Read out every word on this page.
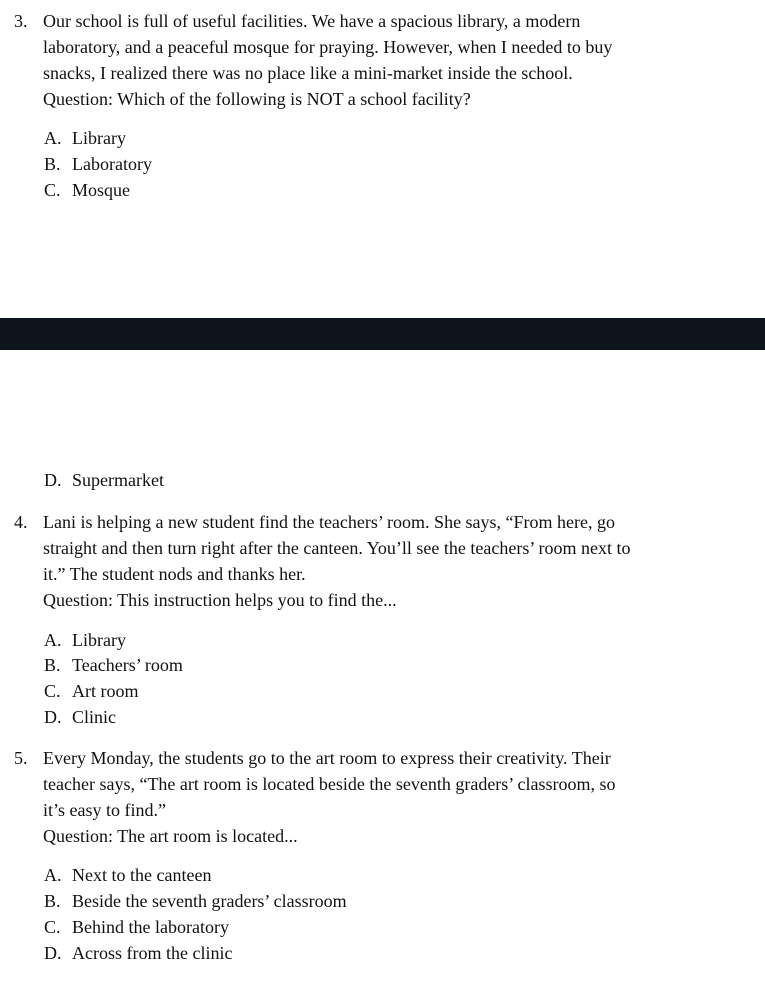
3. Our school is full of useful facilities. We have a spacious library, a modern
laboratory, and a peaceful mosque for praying. However, when I needed to buy
snacks, I realized there was no place like a mini-market inside the school.
Question: Which of the following is NOT a school facility?
A. Library
B. Laboratory
C. Mosque
D. Supermarket
4. Lani is helping a new student find the teachers’ room. She says, “From here, go
straight and then turn right after the canteen. You’ll see the teachers’ room next to
it.” The student nods and thanks her.
Question: This instruction helps you to find the...
A. Library
B. Teachers’ room
C. Art room
D. Clinic
5. Every Monday, the students go to the art room to express their creativity. Their
teacher says, “The art room is located beside the seventh graders’ classroom, so
it’s easy to find.”
Question: The art room is located...
A. Next to the canteen
B. Beside the seventh graders’ classroom
C. Behind the laboratory
D. Across from the clinic
